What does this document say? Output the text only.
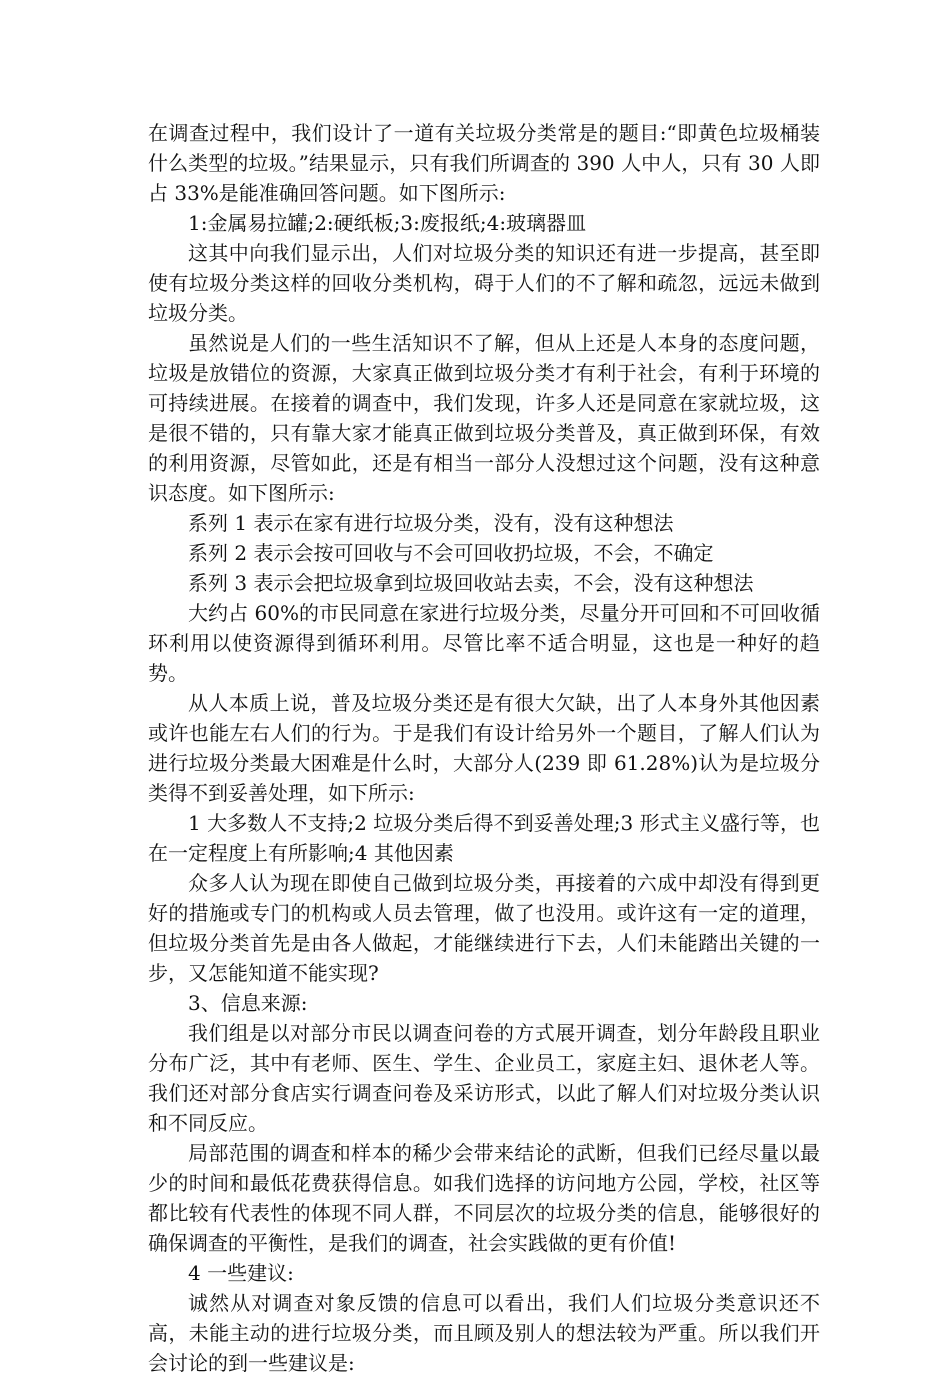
在调查过程中，我们设计了一道有关垃圾分类常是的题目:“即黄色垃圾桶装什么类型的垃圾。”结果显示，只有我们所调查的 390 人中人，只有 30 人即占 33%是能准确回答问题。如下图所示:

1:金属易拉罐;2:硬纸板;3:废报纸;4:玻璃器皿

这其中向我们显示出，人们对垃圾分类的知识还有进一步提高，甚至即使有垃圾分类这样的回收分类机构，碍于人们的不了解和疏忽，远远未做到垃圾分类。

虽然说是人们的一些生活知识不了解，但从上还是人本身的态度问题，垃圾是放错位的资源，大家真正做到垃圾分类才有利于社会，有利于环境的可持续进展。在接着的调查中，我们发现，许多人还是同意在家就垃圾，这是很不错的，只有靠大家才能真正做到垃圾分类普及，真正做到环保，有效的利用资源，尽管如此，还是有相当一部分人没想过这个问题，没有这种意识态度。如下图所示:

系列 1 表示在家有进行垃圾分类，没有，没有这种想法

系列 2 表示会按可回收与不会可回收扔垃圾，不会，不确定

系列 3 表示会把垃圾拿到垃圾回收站去卖，不会，没有这种想法

大约占 60%的市民同意在家进行垃圾分类，尽量分开可回和不可回收循环利用以使资源得到循环利用。尽管比率不适合明显，这也是一种好的趋势。

从人本质上说，普及垃圾分类还是有很大欠缺，出了人本身外其他因素或许也能左右人们的行为。于是我们有设计给另外一个题目，了解人们认为进行垃圾分类最大困难是什么时，大部分人(239 即 61.28%)认为是垃圾分类得不到妥善处理，如下所示:

1 大多数人不支持;2 垃圾分类后得不到妥善处理;3 形式主义盛行等，也在一定程度上有所影响;4 其他因素

众多人认为现在即使自己做到垃圾分类，再接着的六成中却没有得到更好的措施或专门的机构或人员去管理，做了也没用。或许这有一定的道理，但垃圾分类首先是由各人做起，才能继续进行下去，人们未能踏出关键的一步，又怎能知道不能实现?

3、信息来源:

我们组是以对部分市民以调查问卷的方式展开调查，划分年龄段且职业分布广泛，其中有老师、医生、学生、企业员工，家庭主妇、退休老人等。我们还对部分食店实行调查问卷及采访形式，以此了解人们对垃圾分类认识和不同反应。

局部范围的调查和样本的稀少会带来结论的武断，但我们已经尽量以最少的时间和最低花费获得信息。如我们选择的访问地方公园，学校，社区等都比较有代表性的体现不同人群，不同层次的垃圾分类的信息，能够很好的确保调查的平衡性，是我们的调查，社会实践做的更有价值!

4 一些建议:

诚然从对调查对象反馈的信息可以看出，我们人们垃圾分类意识还不高，未能主动的进行垃圾分类，而且顾及别人的想法较为严重。所以我们开会讨论的到一些建议是:
